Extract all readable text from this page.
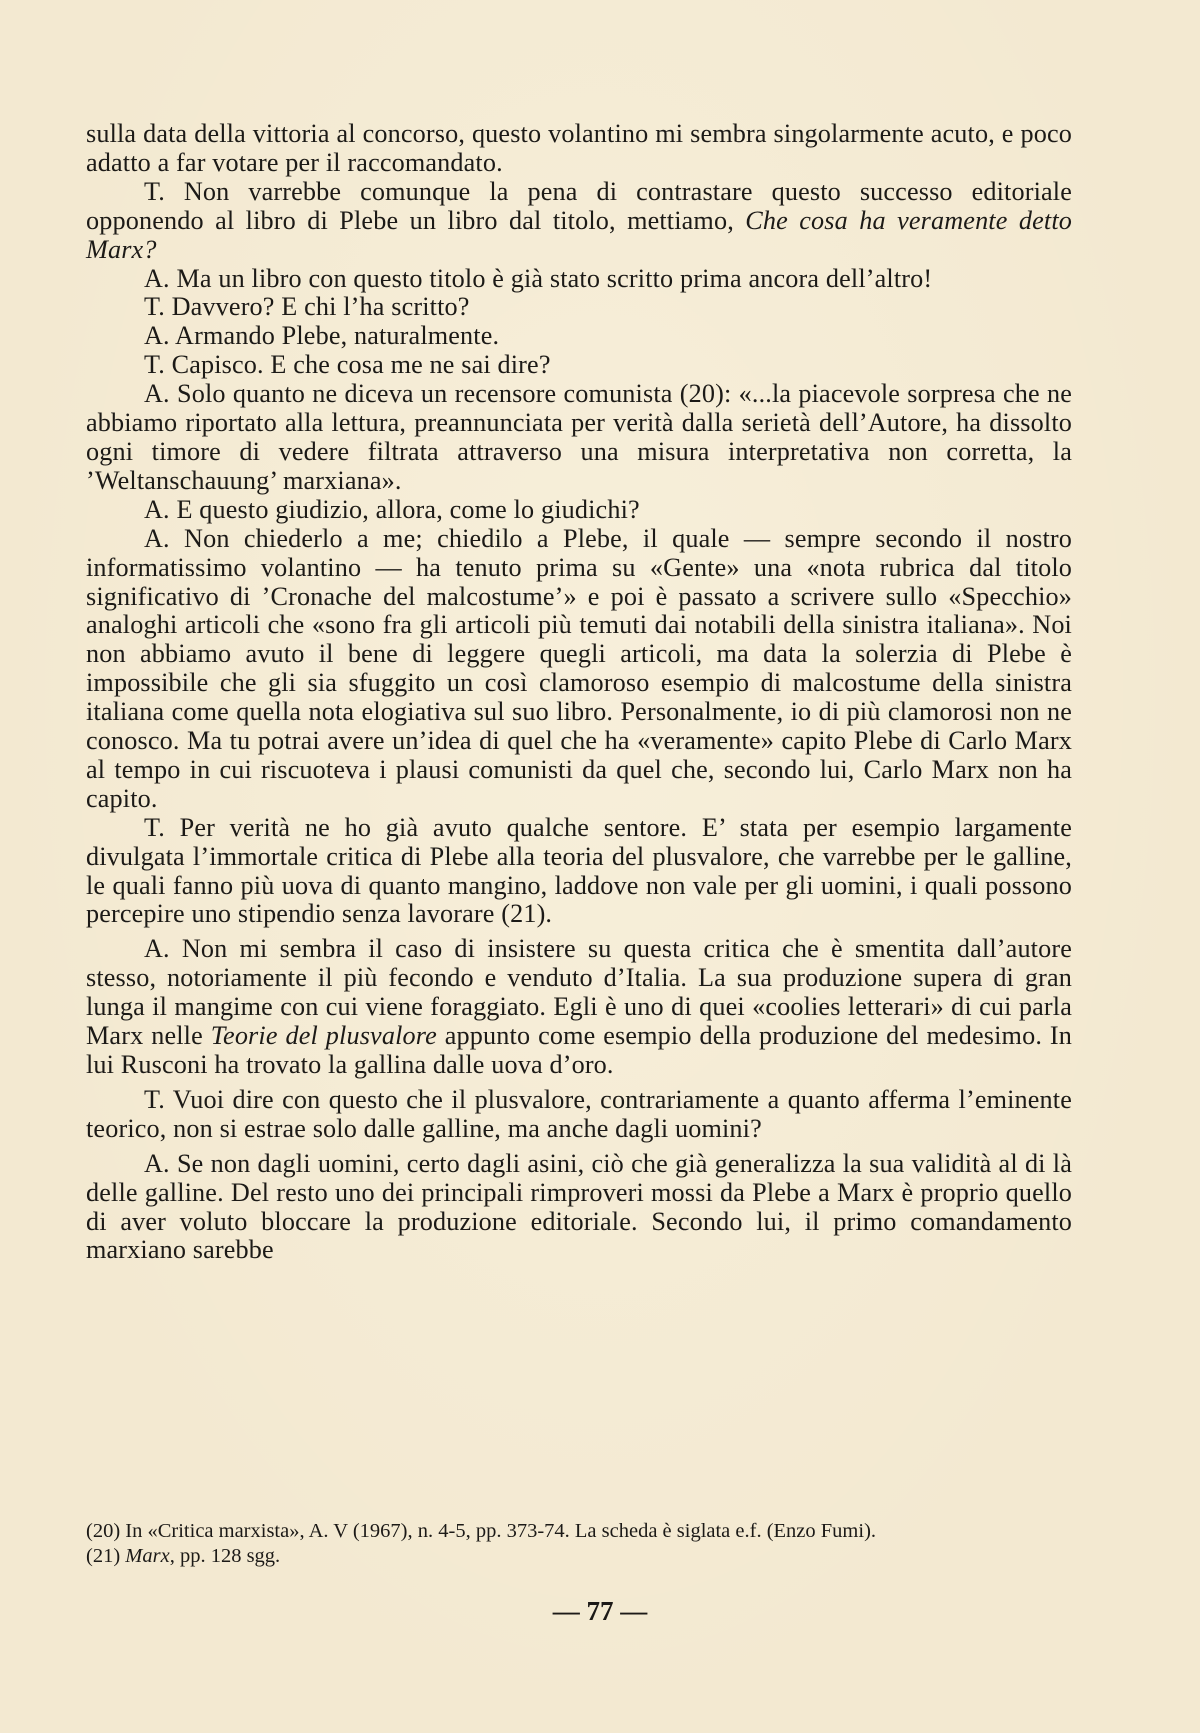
sulla data della vittoria al concorso, questo volantino mi sembra singolarmente acuto, e poco adatto a far votare per il raccomandato.

T. Non varrebbe comunque la pena di contrastare questo successo editoriale opponendo al libro di Plebe un libro dal titolo, mettiamo, Che cosa ha veramente detto Marx?

A. Ma un libro con questo titolo è già stato scritto prima ancora dell’altro!

T. Davvero? E chi l’ha scritto?

A. Armando Plebe, naturalmente.

T. Capisco. E che cosa me ne sai dire?

A. Solo quanto ne diceva un recensore comunista (20): «...la piacevole sorpresa che ne abbiamo riportato alla lettura, preannunciata per verità dalla serietà dell’Autore, ha dissolto ogni timore di vedere filtrata attraverso una misura interpretativa non corretta, la ’Weltanschauung’ marxiana».

A. E questo giudizio, allora, come lo giudichi?

A. Non chiederlo a me; chiedilo a Plebe, il quale — sempre secondo il nostro informatissimo volantino — ha tenuto prima su «Gente» una «nota rubrica dal titolo significativo di ’Cronache del malcostume’» e poi è passato a scrivere sullo «Specchio» analoghi articoli che «sono fra gli articoli più temuti dai notabili della sinistra italiana». Noi non abbiamo avuto il bene di leggere quegli articoli, ma data la solerzia di Plebe è impossibile che gli sia sfuggito un così clamoroso esempio di malcostume della sinistra italiana come quella nota elogiativa sul suo libro. Personalmente, io di più clamorosi non ne conosco. Ma tu potrai avere un’idea di quel che ha «veramente» capito Plebe di Carlo Marx al tempo in cui riscuoteva i plausi comunisti da quel che, secondo lui, Carlo Marx non ha capito.

T. Per verità ne ho già avuto qualche sentore. E’ stata per esempio largamente divulgata l’immortale critica di Plebe alla teoria del plusvalore, che varrebbe per le galline, le quali fanno più uova di quanto mangino, laddove non vale per gli uomini, i quali possono percepire uno stipendio senza lavorare (21).

A. Non mi sembra il caso di insistere su questa critica che è smentita dall’autore stesso, notoriamente il più fecondo e venduto d’Italia. La sua produzione supera di gran lunga il mangime con cui viene foraggiato. Egli è uno di quei «coolies letterari» di cui parla Marx nelle Teorie del plusvalore appunto come esempio della produzione del medesimo. In lui Rusconi ha trovato la gallina dalle uova d’oro.

T. Vuoi dire con questo che il plusvalore, contrariamente a quanto afferma l’eminente teorico, non si estrae solo dalle galline, ma anche dagli uomini?

A. Se non dagli uomini, certo dagli asini, ciò che già generalizza la sua validità al di là delle galline. Del resto uno dei principali rimproveri mossi da Plebe a Marx è proprio quello di aver voluto bloccare la produzione editoriale. Secondo lui, il primo comandamento marxiano sarebbe

(20) In «Critica marxista», A. V (1967), n. 4-5, pp. 373-74. La scheda è siglata e.f. (Enzo Fumi).
(21) Marx, pp. 128 sgg.
— 77 —
